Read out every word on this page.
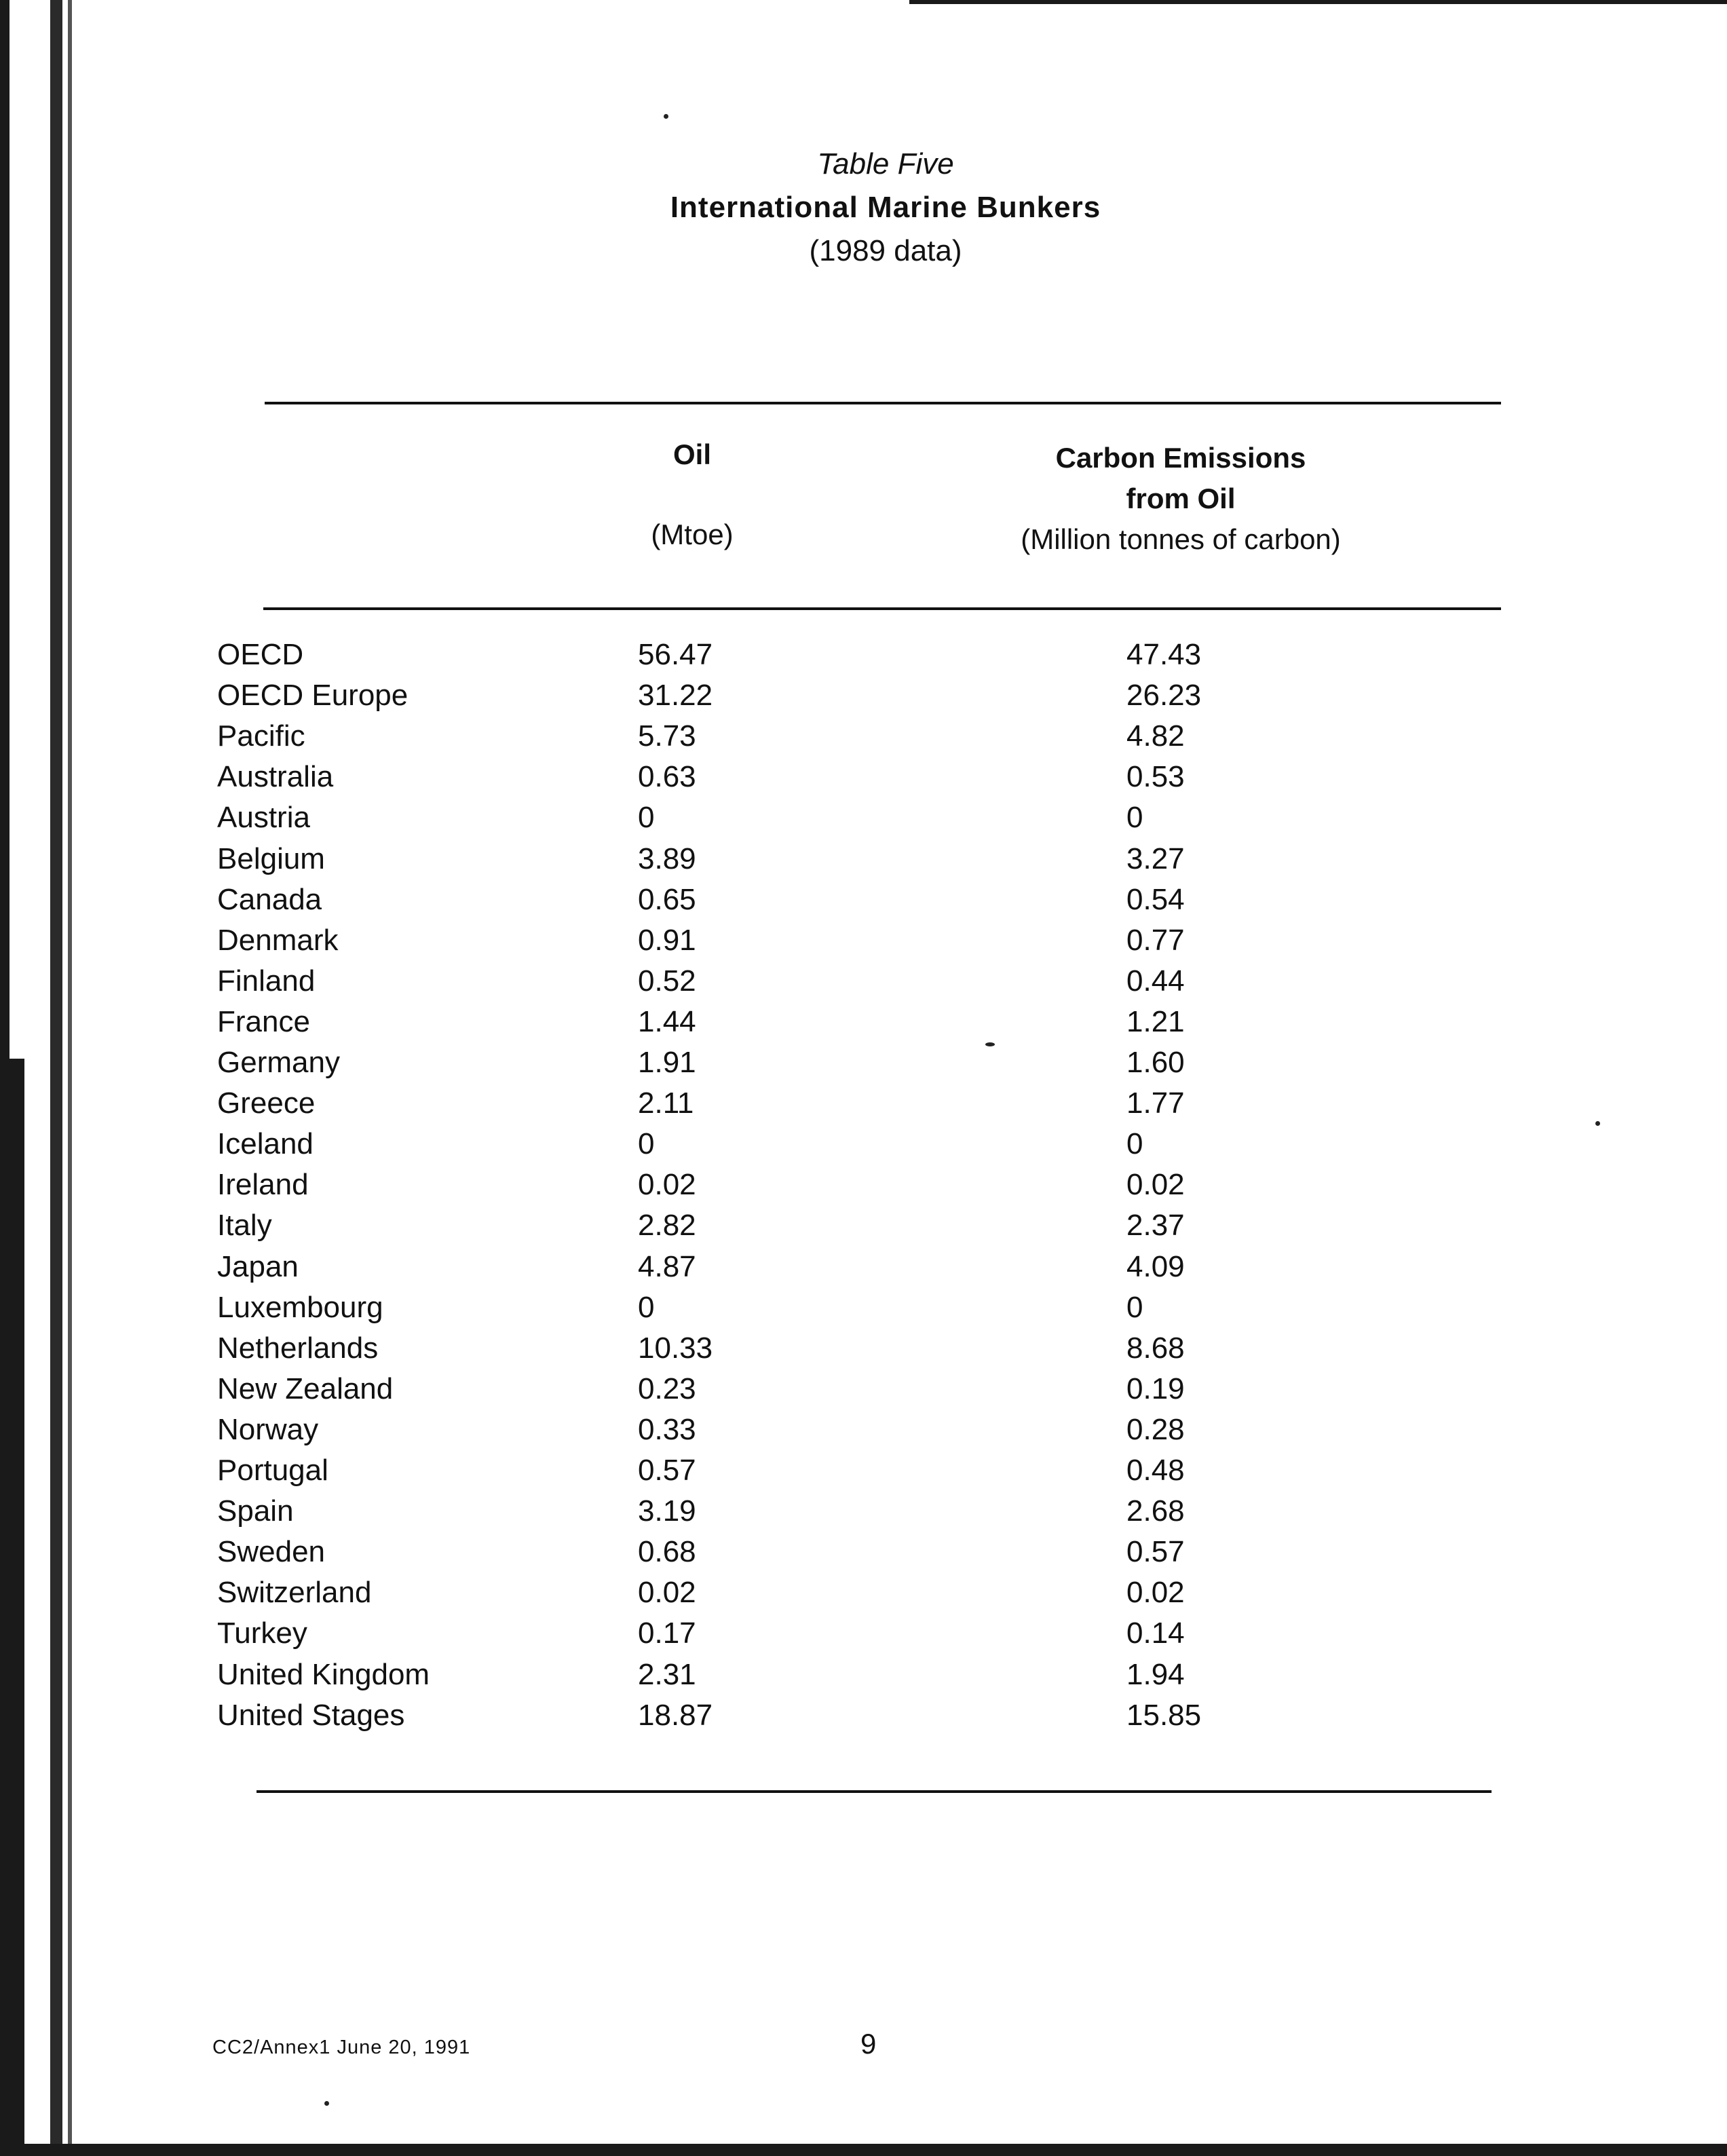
Table Five
International Marine Bunkers
(1989 data)
Oil
(Mtoe)
Carbon Emissions
from Oil
(Million tonnes of carbon)
OECD	56.47	47.43
OECD Europe	31.22	26.23
Pacific	5.73	4.82
Australia	0.63	0.53
Austria	0	0
Belgium	3.89	3.27
Canada	0.65	0.54
Denmark	0.91	0.77
Finland	0.52	0.44
France	1.44	1.21
Germany	1.91	1.60
Greece	2.11	1.77
Iceland	0	0
Ireland	0.02	0.02
Italy	2.82	2.37
Japan	4.87	4.09
Luxembourg	0	0
Netherlands	10.33	8.68
New Zealand	0.23	0.19
Norway	0.33	0.28
Portugal	0.57	0.48
Spain	3.19	2.68
Sweden	0.68	0.57
Switzerland	0.02	0.02
Turkey	0.17	0.14
United Kingdom	2.31	1.94
United Stages	18.87	15.85
CC2/Annex1 June 20, 1991	9
